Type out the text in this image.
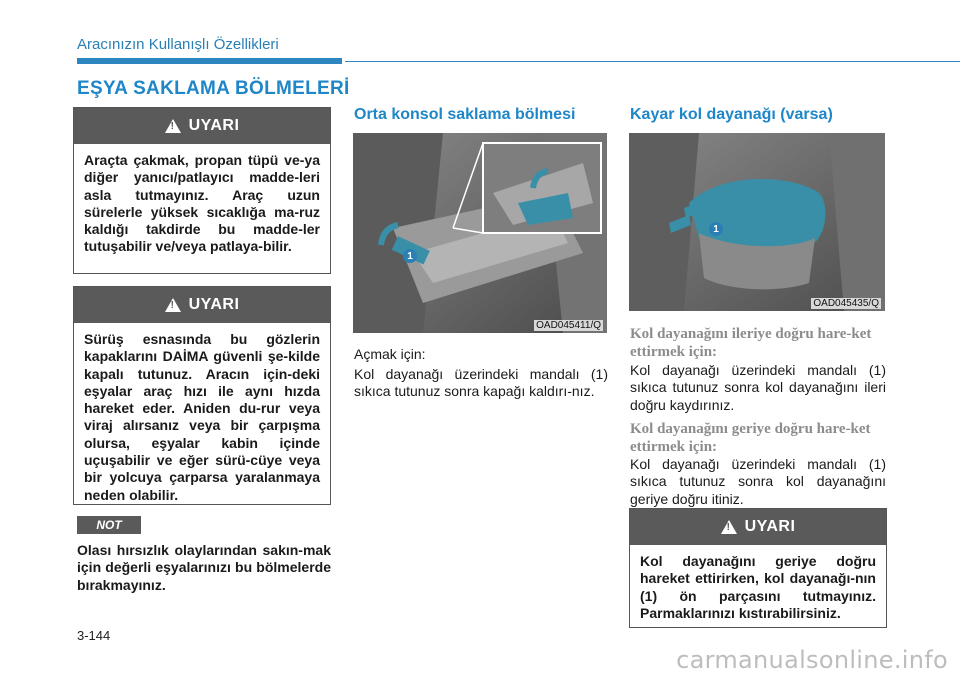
Aracınızın Kullanışlı Özellikleri
EŞYA SAKLAMA BÖLMELERİ
!
UYARI
Araçta çakmak, propan tüpü ve-ya diğer yanıcı/patlayıcı madde-leri asla tutmayınız. Araç uzun sürelerle yüksek sıcaklığa ma-ruz kaldığı takdirde bu madde-ler tutuşabilir ve/veya patlaya-bilir.
!
UYARI
Sürüş esnasında bu gözlerin kapaklarını DAİMA güvenli şe-kilde kapalı tutunuz. Aracın için-deki eşyalar araç hızı ile aynı hızda hareket eder. Aniden du-rur veya viraj alırsanız veya bir çarpışma olursa, eşyalar kabin içinde uçuşabilir ve eğer sürü-cüye veya bir yolcuya çarparsa yaralanmaya neden olabilir.
NOT
Olası hırsızlık olaylarından sakın-mak için değerli eşyalarınızı bu bölmelerde bırakmayınız.
Orta konsol saklama bölmesi
1
OAD045411/Q
Açmak için:
Kol dayanağı üzerindeki mandalı (1) sıkıca tutunuz sonra kapağı kaldırı-nız.
Kayar kol dayanağı (varsa)
1
OAD045435/Q
Kol dayanağını ileriye doğru hare-ket ettirmek için:
Kol dayanağı üzerindeki mandalı (1) sıkıca tutunuz sonra kol dayanağını ileri doğru kaydırınız.
Kol dayanağını geriye doğru hare-ket ettirmek için:
Kol dayanağı üzerindeki mandalı (1) sıkıca tutunuz sonra kol dayanağını geriye doğru itiniz.
!
UYARI
Kol dayanağını geriye doğru hareket ettirirken, kol dayanağı-nın (1) ön parçasını tutmayınız. Parmaklarınızı kıstırabilirsiniz.
3-144
carmanualsonline.info
